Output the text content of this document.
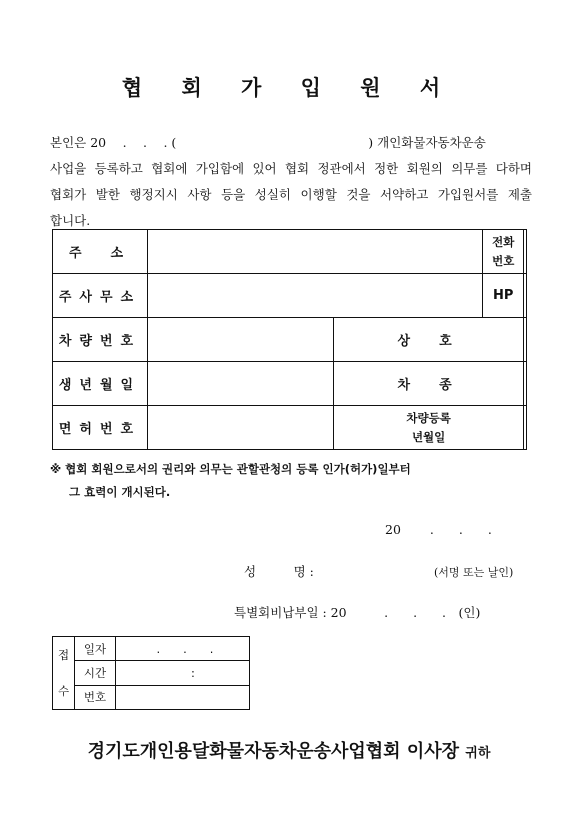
협 회 가 입 원 서
본인은 20　 .　 .　 . (	) 개인화물자동차운송
사업을 등록하고 협회에 가입함에 있어 협회 정관에서 정한 회원의 의무를 다하며
협회가 발한 행정지시 사항 등을 성실히 이행할 것을 서약하고 가입원서를 제출
합니다.
주　소			전화
번호	
주사무소			HP	
차량번호		상　호		
생년월일		차　종		
면허번호		차량등록
년월일		
※ 협회 회원으로서의 권리와 의무는 관할관청의 등록 인가(허가)일부터
그 효력이 개시된다.
20　 　.　　.　　.
성　　　명 :	(서명 또는 날인)
특별회비납부일 : 20　　　.　　.　　.　(인)
접
수	일자	　　　.　　.　　.
	시간	　　　　　　:
	번호	
경기도개인용달화물자동차운송사업협회 이사장 귀하
